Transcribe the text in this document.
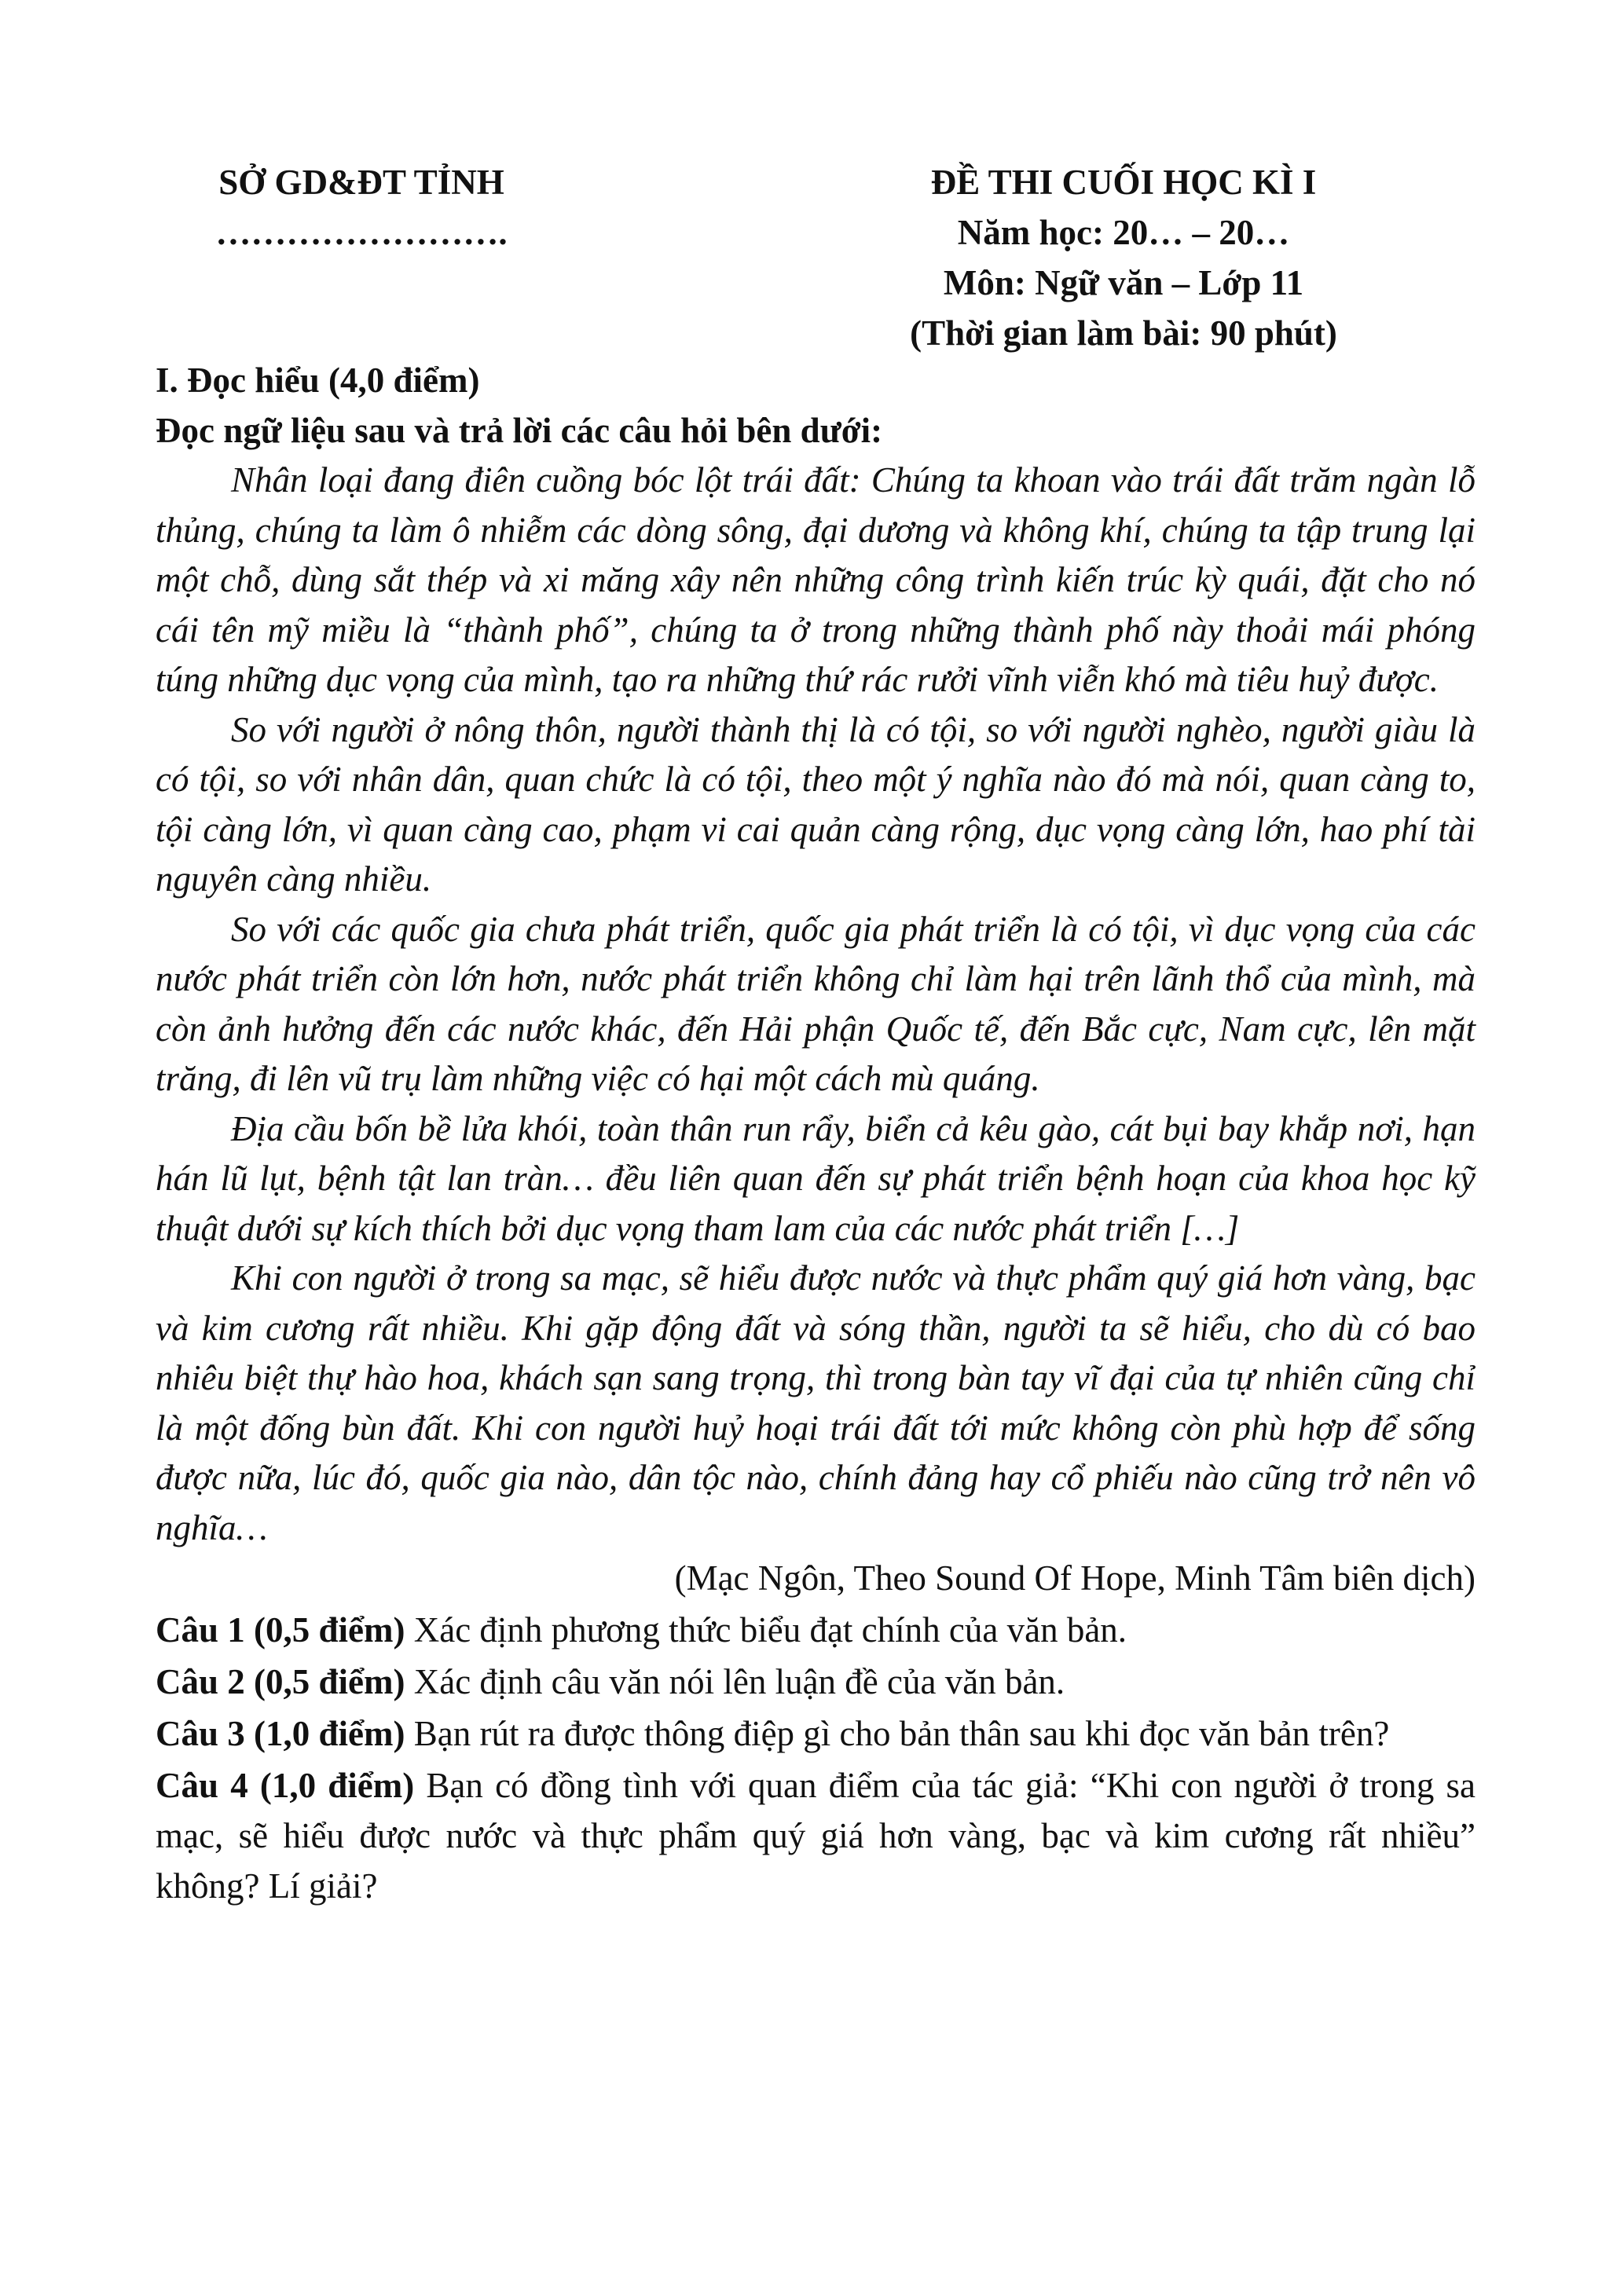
SỞ GD&ĐT TỈNH
…………………….
ĐỀ THI CUỐI HỌC KÌ I
Năm học: 20… – 20…
Môn: Ngữ văn – Lớp 11
(Thời gian làm bài: 90 phút)

I. Đọc hiểu (4,0 điểm)

Đọc ngữ liệu sau và trả lời các câu hỏi bên dưới:

Nhân loại đang điên cuồng bóc lột trái đất: Chúng ta khoan vào trái đất trăm ngàn lỗ thủng, chúng ta làm ô nhiễm các dòng sông, đại dương và không khí, chúng ta tập trung lại một chỗ, dùng sắt thép và xi măng xây nên những công trình kiến trúc kỳ quái, đặt cho nó cái tên mỹ miều là “thành phố”, chúng ta ở trong những thành phố này thoải mái phóng túng những dục vọng của mình, tạo ra những thứ rác rưởi vĩnh viễn khó mà tiêu huỷ được.

So với người ở nông thôn, người thành thị là có tội, so với người nghèo, người giàu là có tội, so với nhân dân, quan chức là có tội, theo một ý nghĩa nào đó mà nói, quan càng to, tội càng lớn, vì quan càng cao, phạm vi cai quản càng rộng, dục vọng càng lớn, hao phí tài nguyên càng nhiều.

So với các quốc gia chưa phát triển, quốc gia phát triển là có tội, vì dục vọng của các nước phát triển còn lớn hơn, nước phát triển không chỉ làm hại trên lãnh thổ của mình, mà còn ảnh hưởng đến các nước khác, đến Hải phận Quốc tế, đến Bắc cực, Nam cực, lên mặt trăng, đi lên vũ trụ làm những việc có hại một cách mù quáng.

Địa cầu bốn bề lửa khói, toàn thân run rẩy, biển cả kêu gào, cát bụi bay khắp nơi, hạn hán lũ lụt, bệnh tật lan tràn… đều liên quan đến sự phát triển bệnh hoạn của khoa học kỹ thuật dưới sự kích thích bởi dục vọng tham lam của các nước phát triển […]

Khi con người ở trong sa mạc, sẽ hiểu được nước và thực phẩm quý giá hơn vàng, bạc và kim cương rất nhiều. Khi gặp động đất và sóng thần, người ta sẽ hiểu, cho dù có bao nhiêu biệt thự hào hoa, khách sạn sang trọng, thì trong bàn tay vĩ đại của tự nhiên cũng chỉ là một đống bùn đất. Khi con người huỷ hoại trái đất tới mức không còn phù hợp để sống được nữa, lúc đó, quốc gia nào, dân tộc nào, chính đảng hay cổ phiếu nào cũng trở nên vô nghĩa…

(Mạc Ngôn, Theo Sound Of Hope, Minh Tâm biên dịch)

Câu 1 (0,5 điểm) Xác định phương thức biểu đạt chính của văn bản.

Câu 2 (0,5 điểm) Xác định câu văn nói lên luận đề của văn bản.

Câu 3 (1,0 điểm) Bạn rút ra được thông điệp gì cho bản thân sau khi đọc văn bản trên?

Câu 4 (1,0 điểm) Bạn có đồng tình với quan điểm của tác giả: “Khi con người ở trong sa mạc, sẽ hiểu được nước và thực phẩm quý giá hơn vàng, bạc và kim cương rất nhiều” không? Lí giải?
